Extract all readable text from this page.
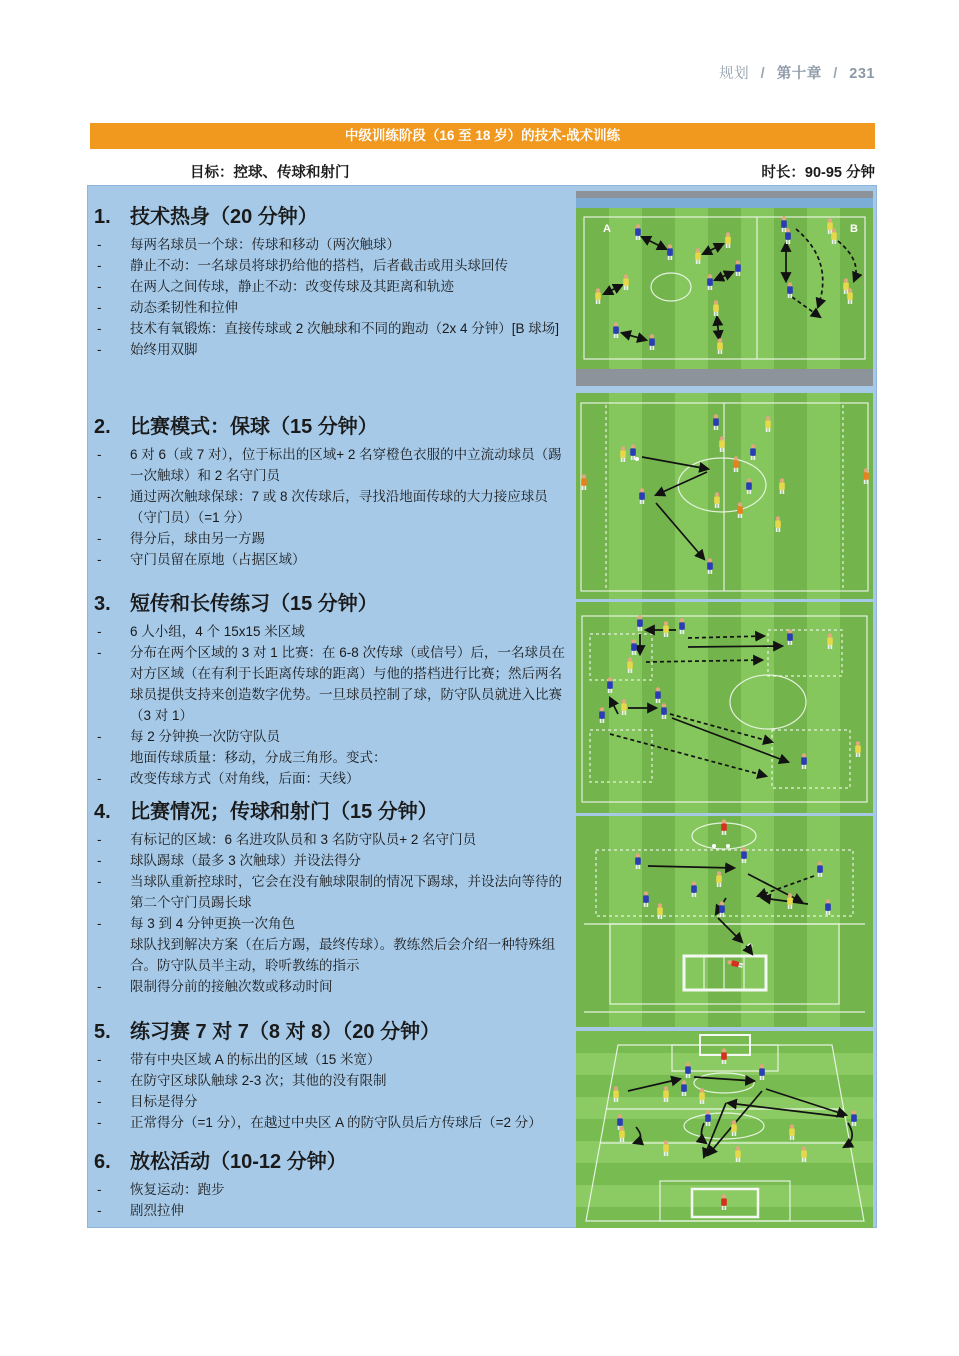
规划 / 第十章 / 231
中级训练阶段（16 至 18 岁）的技术-战术训练
目标：控球、传球和射门	时长：90-95 分钟
1. 技术热身（20 分钟）
-	每两名球员一个球：传球和移动（两次触球）
-	静止不动：一名球员将球扔给他的搭档，后者截击或用头球回传
-	在两人之间传球，静止不动：改变传球及其距离和轨迹
-	动态柔韧性和拉伸
-	技术有氧锻炼：直接传球或 2 次触球和不同的跑动（2x 4 分钟）[B 球场]
-	始终用双脚
2. 比赛模式：保球（15 分钟）
-	6 对 6（或 7 对），位于标出的区域+ 2 名穿橙色衣服的中立流动球员（踢一次触球）和 2 名守门员
-	通过两次触球保球：7 或 8 次传球后，寻找沿地面传球的大力接应球员（守门员）（=1 分）
-	得分后，球由另一方踢
-	守门员留在原地（占据区域）
3. 短传和长传练习（15 分钟）
-	6 人小组，4 个 15x15 米区域
-	分布在两个区域的 3 对 1 比赛：在 6-8 次传球（或信号）后，一名球员在对方区域（在有利于长距离传球的距离）与他的搭档进行比赛；然后两名球员提供支持来创造数字优势。一旦球员控制了球，防守队员就进入比赛（3 对 1）
-	每 2 分钟换一次防守队员
地面传球质量：移动，分成三角形。变式：
-	改变传球方式（对角线，后面：天线）
4. 比赛情况；传球和射门（15 分钟）
-	有标记的区域：6 名进攻队员和 3 名防守队员+ 2 名守门员
-	球队踢球（最多 3 次触球）并设法得分
-	当球队重新控球时，它会在没有触球限制的情况下踢球，并设法向等待的第二个守门员踢长球
-	每 3 到 4 分钟更换一次角色
球队找到解决方案（在后方踢，最终传球）。教练然后会介绍一种特殊组合。防守队员半主动，聆听教练的指示
-	限制得分前的接触次数或移动时间
5. 练习赛 7 对 7（8 对 8）（20 分钟）
-	带有中央区域 A 的标出的区域（15 米宽）
-	在防守区球队触球 2-3 次；其他的没有限制
-	目标是得分
-	正常得分（=1 分），在越过中央区 A 的防守队员后方传球后（=2 分）
6. 放松活动（10-12 分钟）
-	恢复运动：跑步
-	剧烈拉伸
A	B
